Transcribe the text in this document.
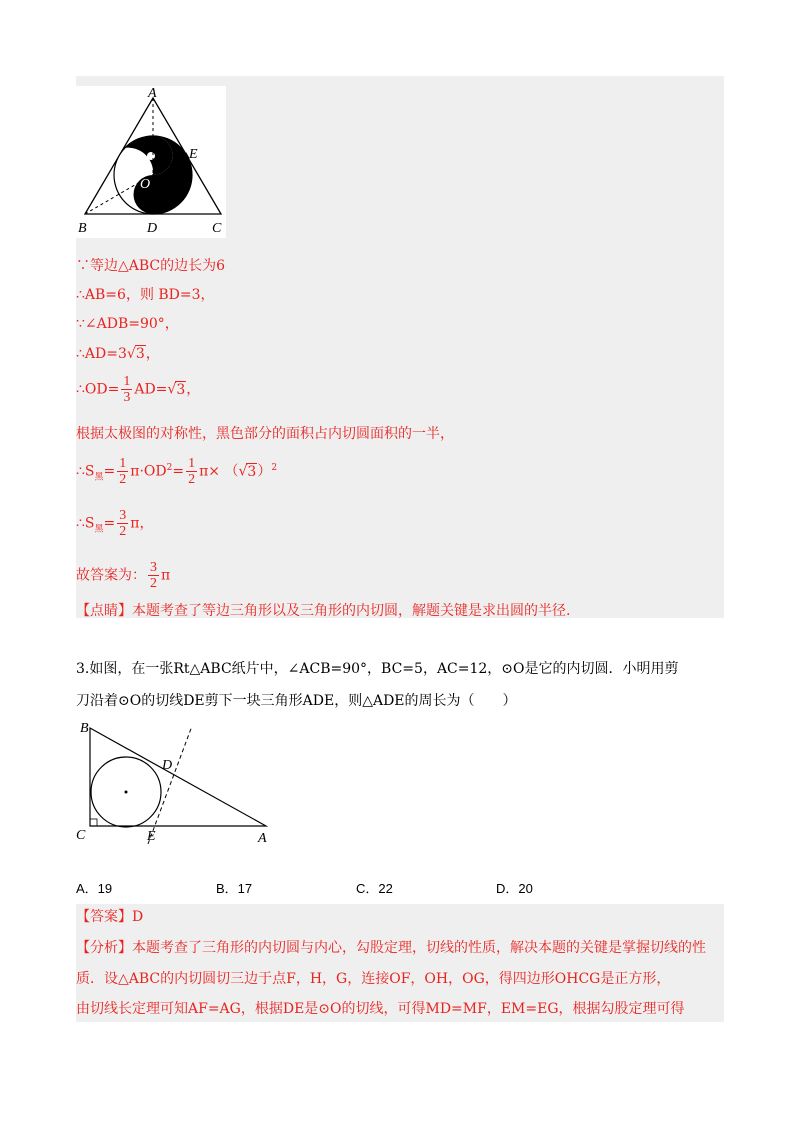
A
B	C
D
E
O
∵等边△ABC的边长为6
∴AB=6，则 BD=3，
∵∠ADB=90°，
∴AD=3√3，
∴OD= $\frac{1}{3} AD=√3$，
根据太极图的对称性，黑色部分的面积占内切圆面积的一半，
$\therefore S_黑= \frac{1}{2} \pi\cdot OD^2= \frac{1}{2} \pi\times (√3)^2$
$\therefore S_黑= \frac{3}{2}$ π，
故答案为： $\frac{3}{2}$ π
【点睛】本题考查了等边三角形以及三角形的内切圆，解题关键是求出圆的半径.
3.如图，在一张Rt△ABC纸片中，∠ACB=90°，BC=5，AC=12，⊙O是它的内切圆．小明用剪
刀沿着⊙O的切线DE剪下一块三角形ADE，则△ADE的周长为（　　）
B
C
D
E	A
A．19	B．17	C．22	D．20
【答案】D
【分析】本题考查了三角形的内切圆与内心，勾股定理，切线的性质，解决本题的关键是掌握切线的性
质．设△ABC的内切圆切三边于点F，H，G，连接OF，OH，OG，得四边形OHCG是正方形，
由切线长定理可知AF=AG，根据DE是⊙O的切线，可得MD=MF，EM=EG，根据勾股定理可得
